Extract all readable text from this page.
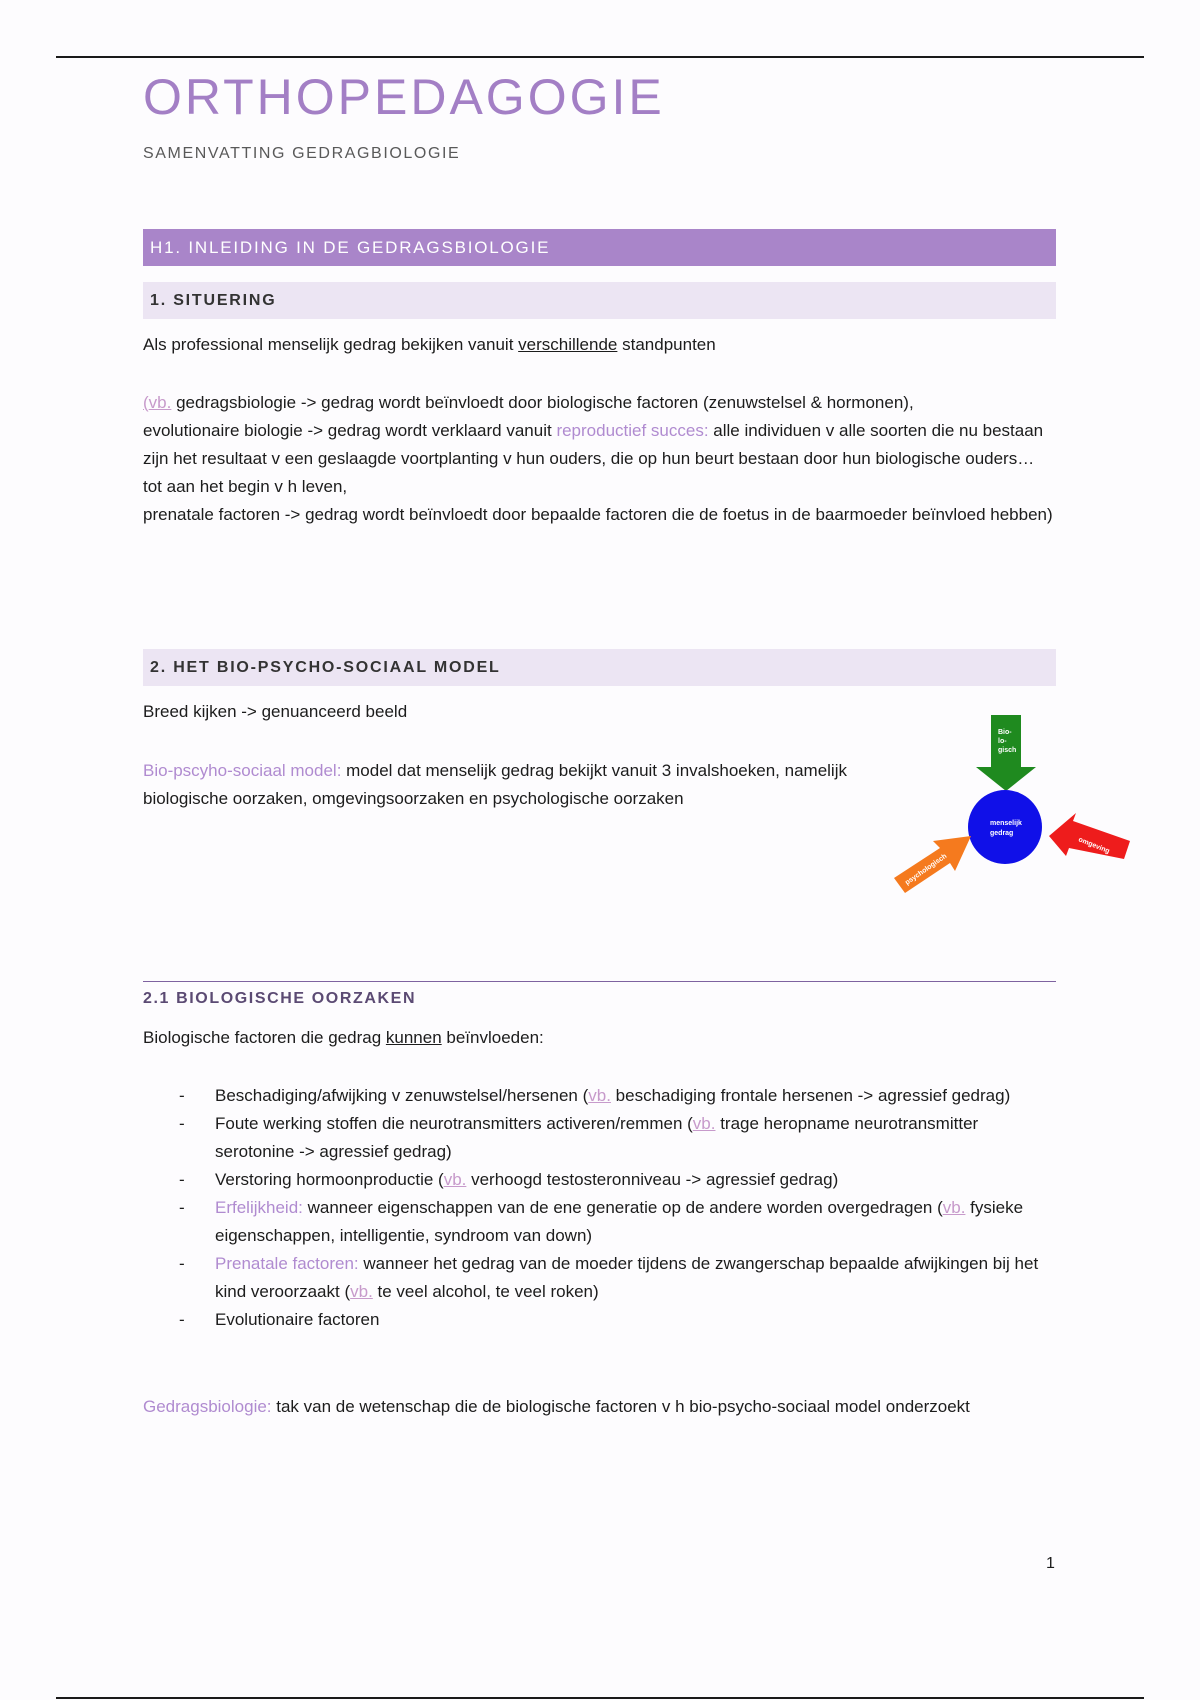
ORTHOPEDAGOGIE
SAMENVATTING GEDRAGBIOLOGIE
H1. INLEIDING IN DE GEDRAGSBIOLOGIE
1. SITUERING
Als professional menselijk gedrag bekijken vanuit verschillende standpunten
(vb. gedragsbiologie -> gedrag wordt beïnvloedt door biologische factoren (zenuwstelsel & hormonen),
evolutionaire biologie -> gedrag wordt verklaard vanuit reproductief succes: alle individuen v alle soorten die nu bestaan zijn het resultaat v een geslaagde voortplanting v hun ouders, die op hun beurt bestaan door hun biologische ouders… tot aan het begin v h leven,
prenatale factoren -> gedrag wordt beïnvloedt door bepaalde factoren die de foetus in de baarmoeder beïnvloed hebben)
2. HET BIO-PSYCHO-SOCIAAL MODEL
Breed kijken -> genuanceerd beeld
Bio-pscyho-sociaal model: model dat menselijk gedrag bekijkt vanuit 3 invalshoeken, namelijk biologische oorzaken, omgevingsoorzaken en psychologische oorzaken
2.1 BIOLOGISCHE OORZAKEN
Biologische factoren die gedrag kunnen beïnvloeden:
- Beschadiging/afwijking v zenuwstelsel/hersenen (vb. beschadiging frontale hersenen -> agressief gedrag)
- Foute werking stoffen die neurotransmitters activeren/remmen (vb. trage heropname neurotransmitter serotonine -> agressief gedrag)
- Verstoring hormoonproductie (vb. verhoogd testosteronniveau -> agressief gedrag)
- Erfelijkheid: wanneer eigenschappen van de ene generatie op de andere worden overgedragen (vb. fysieke eigenschappen, intelligentie, syndroom van down)
- Prenatale factoren: wanneer het gedrag van de moeder tijdens de zwangerschap bepaalde afwijkingen bij het kind veroorzaakt (vb. te veel alcohol, te veel roken)
- Evolutionaire factoren
Gedragsbiologie: tak van de wetenschap die de biologische factoren v h bio-psycho-sociaal model onderzoekt
Bio-lo-gisch
menselijk gedrag
omgeving
psychologisch
1
